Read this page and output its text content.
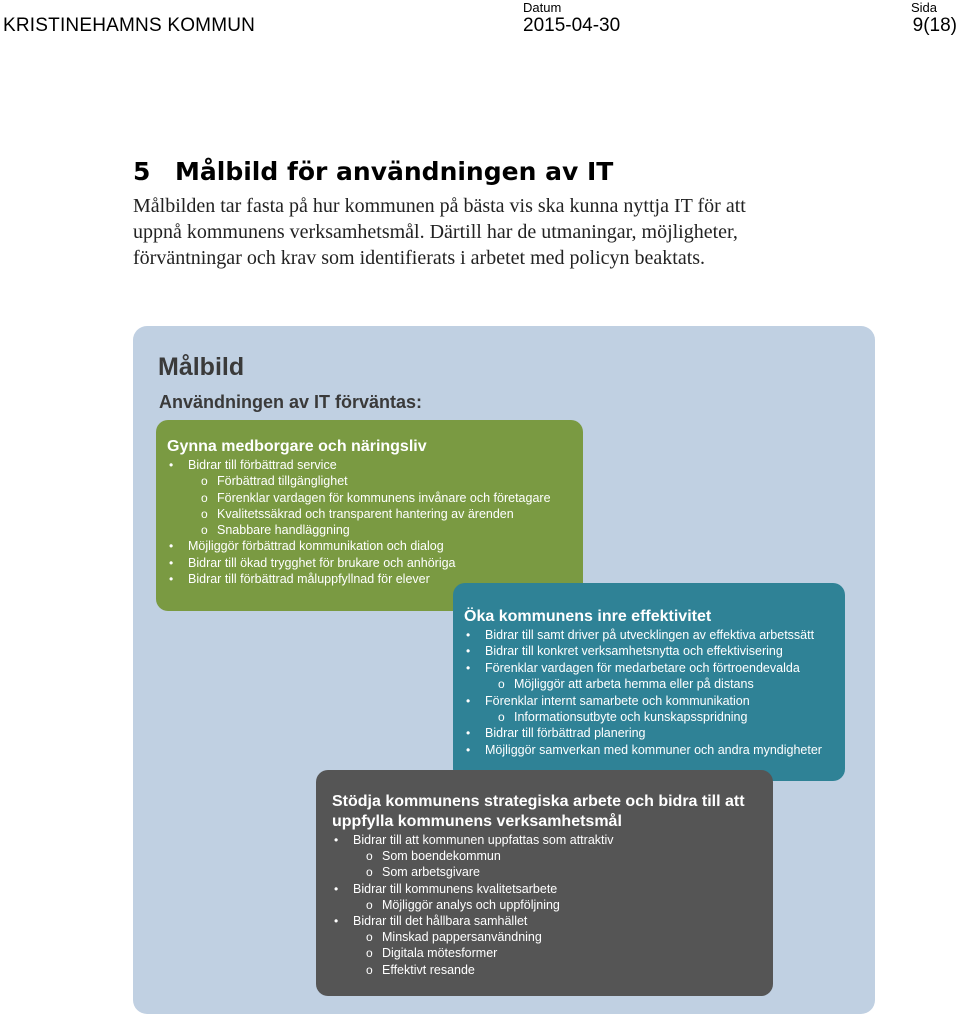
KRISTINEHAMNS KOMMUN
Datum
2015-04-30
Sida
9(18)
5 Målbild för användningen av IT
Målbilden tar fasta på hur kommunen på bästa vis ska kunna nyttja IT för att
uppnå kommunens verksamhetsmål. Därtill har de utmaningar, möjligheter,
förväntningar och krav som identifierats i arbetet med policyn beaktats.
Målbild
Användningen av IT förväntas:
Gynna medborgare och näringsliv
• Bidrar till förbättrad service
o Förbättrad tillgänglighet
o Förenklar vardagen för kommunens invånare och företagare
o Kvalitetssäkrad och transparent hantering av ärenden
o Snabbare handläggning
• Möjliggör förbättrad kommunikation och dialog
• Bidrar till ökad trygghet för brukare och anhöriga
• Bidrar till förbättrad måluppfyllnad för elever
Öka kommunens inre effektivitet
• Bidrar till samt driver på utvecklingen av effektiva arbetssätt
• Bidrar till konkret verksamhetsnytta och effektivisering
• Förenklar vardagen för medarbetare och förtroendevalda
o Möjliggör att arbeta hemma eller på distans
• Förenklar internt samarbete och kommunikation
o Informationsutbyte och kunskapsspridning
• Bidrar till förbättrad planering
• Möjliggör samverkan med kommuner och andra myndigheter
Stödja kommunens strategiska arbete och bidra till att
uppfylla kommunens verksamhetsmål
• Bidrar till att kommunen uppfattas som attraktiv
o Som boendekommun
o Som arbetsgivare
• Bidrar till kommunens kvalitetsarbete
o Möjliggör analys och uppföljning
• Bidrar till det hållbara samhället
o Minskad pappersanvändning
o Digitala mötesformer
o Effektivt resande
